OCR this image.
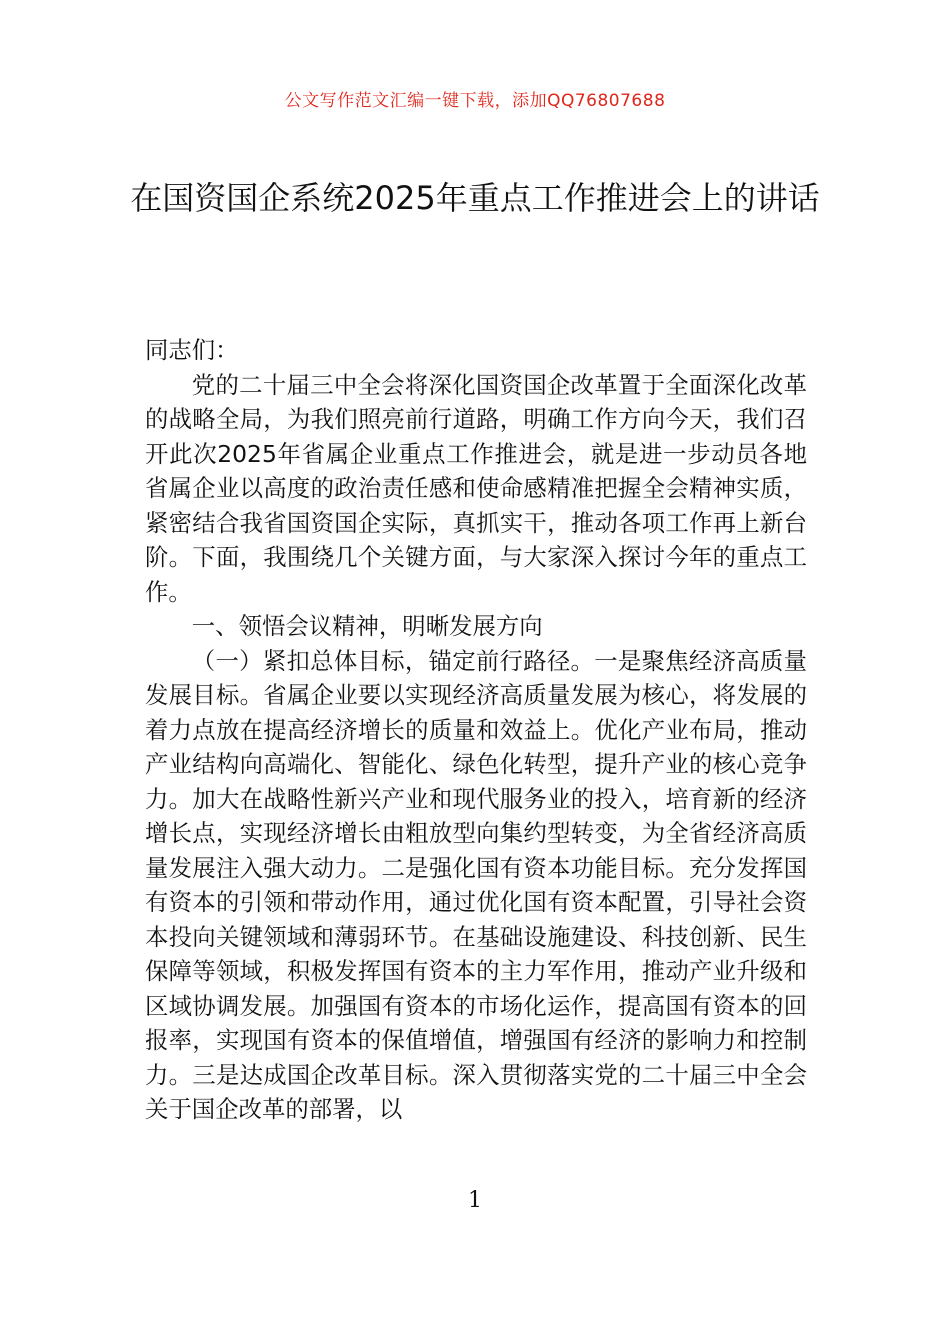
公文写作范文汇编一键下载，添加QQ76807688
在国资国企系统2025年重点工作推进会上的讲话

同志们：

党的二十届三中全会将深化国资国企改革置于全面深化改革的战略全局，为我们照亮前行道路，明确工作方向今天，我们召开此次2025年省属企业重点工作推进会，就是进一步动员各地省属企业以高度的政治责任感和使命感精准把握全会精神实质，紧密结合我省国资国企实际，真抓实干，推动各项工作再上新台阶。下面，我围绕几个关键方面，与大家深入探讨今年的重点工作。

一、领悟会议精神，明晰发展方向

（一）紧扣总体目标，锚定前行路径。一是聚焦经济高质量发展目标。省属企业要以实现经济高质量发展为核心，将发展的着力点放在提高经济增长的质量和效益上。优化产业布局，推动产业结构向高端化、智能化、绿色化转型，提升产业的核心竞争力。加大在战略性新兴产业和现代服务业的投入，培育新的经济增长点，实现经济增长由粗放型向集约型转变，为全省经济高质量发展注入强大动力。二是强化国有资本功能目标。充分发挥国有资本的引领和带动作用，通过优化国有资本配置，引导社会资本投向关键领域和薄弱环节。在基础设施建设、科技创新、民生保障等领域，积极发挥国有资本的主力军作用，推动产业升级和区域协调发展。加强国有资本的市场化运作，提高国有资本的回报率，实现国有资本的保值增值，增强国有经济的影响力和控制力。三是达成国企改革目标。深入贯彻落实党的二十届三中全会关于国企改革的部署，以

1
